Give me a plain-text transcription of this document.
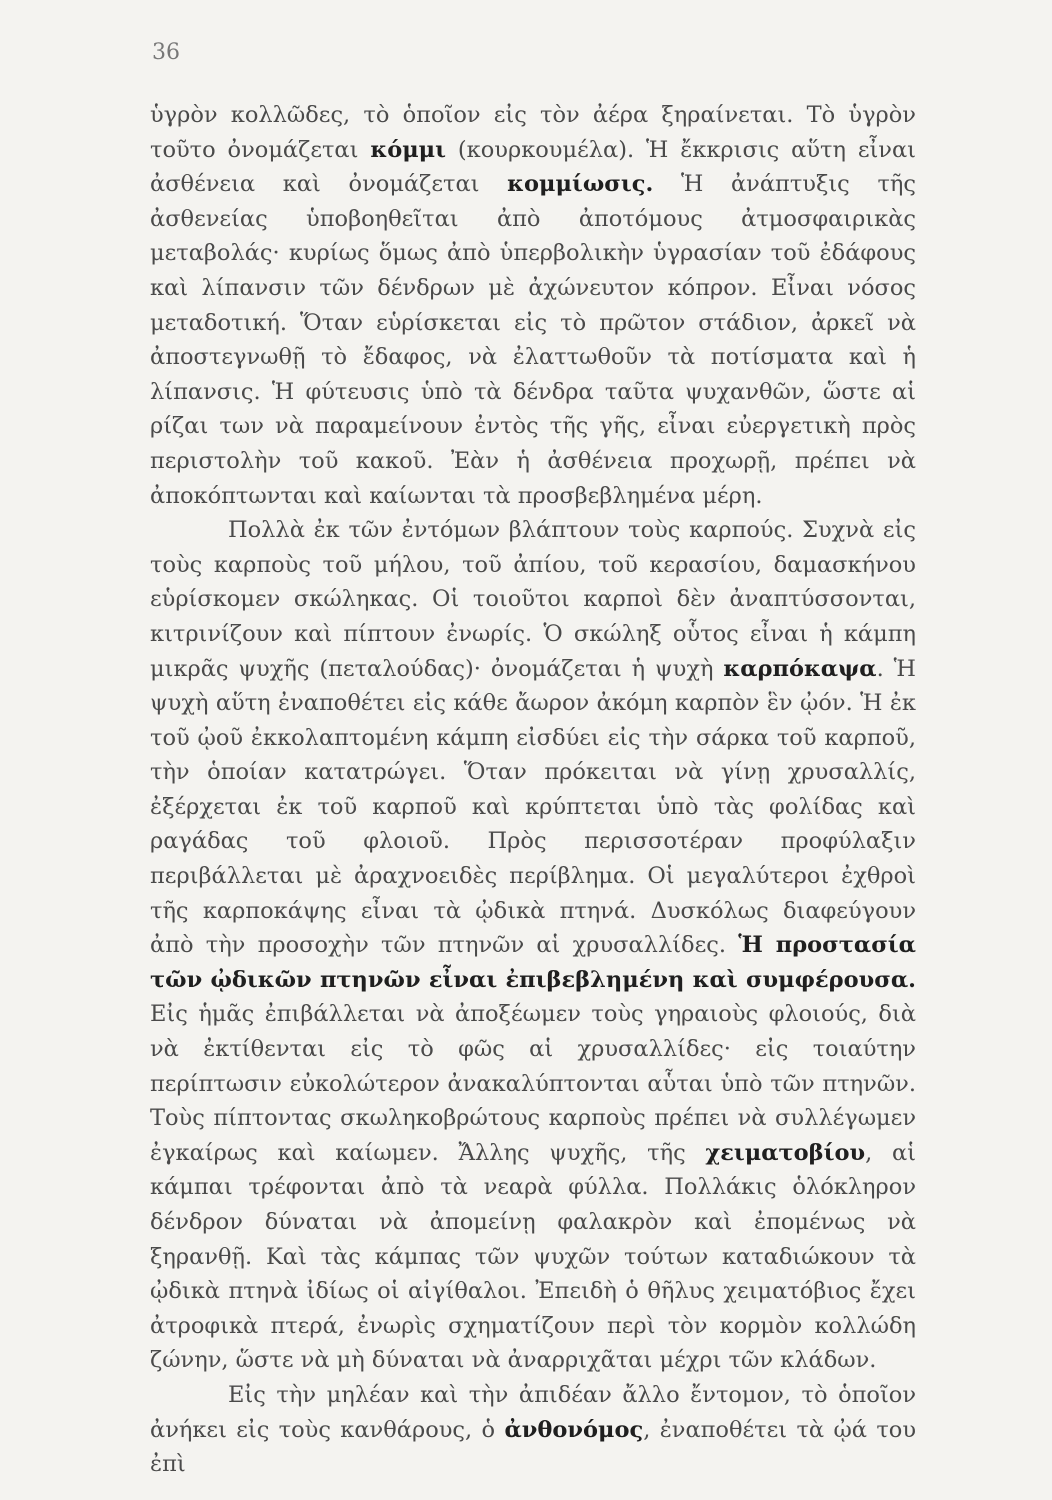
36

ὑγρὸν κολλῶδες, τὸ ὁποῖον εἰς τὸν ἀέρα ξηραίνεται. Τὸ ὑγρὸν τοῦτο ὀνομάζεται κόμμι (κουρκουμέλα). Ἡ ἔκκρισις αὕτη εἶναι ἀσθένεια καὶ ὀνομάζεται κομμίωσις. Ἡ ἀνάπτυξις τῆς ἀσθενείας ὑποβοηθεῖται ἀπὸ ἀποτόμους ἀτμοσφαιρικὰς μεταβολάς· κυρίως ὅμως ἀπὸ ὑπερβολικὴν ὑγρασίαν τοῦ ἐδάφους καὶ λίπανσιν τῶν δένδρων μὲ ἀχώνευτον κόπρον. Εἶναι νόσος μεταδοτική. Ὅταν εὑρίσκεται εἰς τὸ πρῶτον στάδιον, ἀρκεῖ νὰ ἀποστεγνωθῇ τὸ ἔδαφος, νὰ ἐλαττωθοῦν τὰ ποτίσματα καὶ ἡ λίπανσις. Ἡ φύτευσις ὑπὸ τὰ δένδρα ταῦτα ψυχανθῶν, ὥστε αἱ ρίζαι των νὰ παραμείνουν ἐντὸς τῆς γῆς, εἶναι εὐεργετικὴ πρὸς περιστολὴν τοῦ κακοῦ. Ἐὰν ἡ ἀσθένεια προχωρῇ, πρέπει νὰ ἀποκόπτωνται καὶ καίωνται τὰ προσβεβλημένα μέρη.

Πολλὰ ἐκ τῶν ἐντόμων βλάπτουν τοὺς καρπούς. Συχνὰ εἰς τοὺς καρποὺς τοῦ μήλου, τοῦ ἀπίου, τοῦ κερασίου, δαμασκήνου εὑρίσκομεν σκώληκας. Οἱ τοιοῦτοι καρποὶ δὲν ἀναπτύσσονται, κιτρινίζουν καὶ πίπτουν ἐνωρίς. Ὁ σκώληξ οὗτος εἶναι ἡ κάμπη μικρᾶς ψυχῆς (πεταλούδας)· ὀνομάζεται ἡ ψυχὴ καρπόκαψα. Ἡ ψυχὴ αὕτη ἐναποθέτει εἰς κάθε ἄωρον ἀκόμη καρπὸν ἓν ᾠόν. Ἡ ἐκ τοῦ ᾠοῦ ἐκκολαπτομένη κάμπη εἰσδύει εἰς τὴν σάρκα τοῦ καρποῦ, τὴν ὁποίαν κατατρώγει. Ὅταν πρόκειται νὰ γίνῃ χρυσαλλίς, ἐξέρχεται ἐκ τοῦ καρποῦ καὶ κρύπτεται ὑπὸ τὰς φολίδας καὶ ραγάδας τοῦ φλοιοῦ. Πρὸς περισσοτέραν προφύλαξιν περιβάλλεται μὲ ἀραχνοειδὲς περίβλημα. Οἱ μεγαλύτεροι ἐχθροὶ τῆς καρποκάψης εἶναι τὰ ᾠδικὰ πτηνά. Δυσκόλως διαφεύγουν ἀπὸ τὴν προσοχὴν τῶν πτηνῶν αἱ χρυσαλλίδες. Ἡ προστασία τῶν ᾠδικῶν πτηνῶν εἶναι ἐπιβεβλημένη καὶ συμφέρουσα. Εἰς ἡμᾶς ἐπιβάλλεται νὰ ἀποξέωμεν τοὺς γηραιοὺς φλοιούς, διὰ νὰ ἐκτίθενται εἰς τὸ φῶς αἱ χρυσαλλίδες· εἰς τοιαύτην περίπτωσιν εὐκολώτερον ἀνακαλύπτονται αὗται ὑπὸ τῶν πτηνῶν. Τοὺς πίπτοντας σκωληκοβρώτους καρποὺς πρέπει νὰ συλλέγωμεν ἐγκαίρως καὶ καίωμεν. Ἄλλης ψυχῆς, τῆς χειματοβίου, αἱ κάμπαι τρέφονται ἀπὸ τὰ νεαρὰ φύλλα. Πολλάκις ὁλόκληρον δένδρον δύναται νὰ ἀπομείνῃ φαλακρὸν καὶ ἐπομένως νὰ ξηρανθῇ. Καὶ τὰς κάμπας τῶν ψυχῶν τούτων καταδιώκουν τὰ ᾠδικὰ πτηνὰ ἰδίως οἱ αἰγίθαλοι. Ἐπειδὴ ὁ θῆλυς χειματόβιος ἔχει ἀτροφικὰ πτερά, ἐνωρὶς σχηματίζουν περὶ τὸν κορμὸν κολλώδη ζώνην, ὥστε νὰ μὴ δύναται νὰ ἀναρριχᾶται μέχρι τῶν κλάδων.

Εἰς τὴν μηλέαν καὶ τὴν ἀπιδέαν ἄλλο ἔντομον, τὸ ὁποῖον ἀνήκει εἰς τοὺς κανθάρους, ὁ ἀνθονόμος, ἐναποθέτει τὰ ᾠά του ἐπὶ
